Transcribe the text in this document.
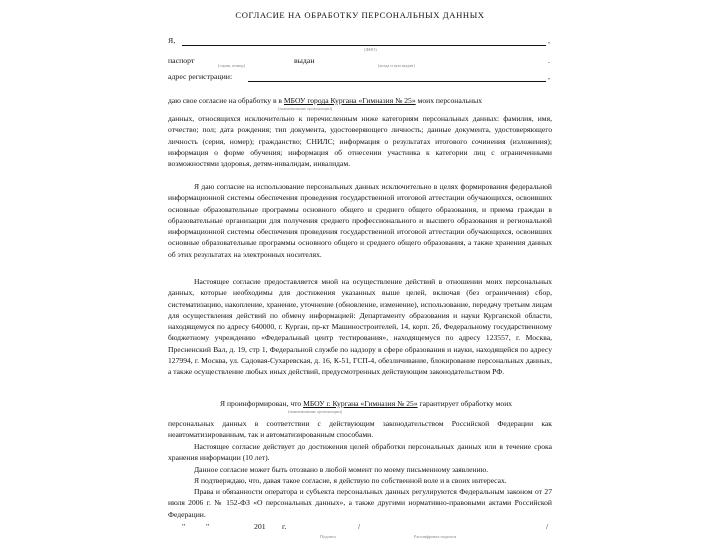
СОГЛАСИЕ НА ОБРАБОТКУ ПЕРСОНАЛЬНЫХ ДАННЫХ
Я,	,
(ФИО)
паспорт	выдан	.
(серия, номер)	(когда и кем выдан)
адрес регистрации:	,
даю свое согласие на обработку в в МБОУ города Кургана «Гимназия № 25» моих персональных
(наименование организации)
данных, относящихся исключительно к перечисленным ниже категориям персональных данных: фамилия, имя, отчество; пол; дата рождения; тип документа, удостоверяющего личность; данные документа, удостоверяющего личность (серия, номер); гражданство; СНИЛС; информация о результатах итогового сочинения (изложения); информация о форме обучения; информация об отнесении участника к категории лиц с ограниченными возможностями здоровья, детям-инвалидам, инвалидам.
Я даю согласие на использование персональных данных исключительно в целях формирования федеральной информационной системы обеспечения проведения государственной итоговой аттестации обучающихся, освоивших основные образовательные программы основного общего и среднего общего образования, и приема граждан в образовательные организации для получения среднего профессионального и высшего образования и региональной информационной системы обеспечения проведения государственной итоговой аттестации обучающихся, освоивших основные образовательные программы основного общего и среднего общего образования, а также хранения данных об этих результатах на электронных носителях.
Настоящее согласие предоставляется мной на осуществление действий в отношении моих персональных данных, которые необходимы для достижения указанных выше целей, включая (без ограничения) сбор, систематизацию, накопление, хранение, уточнение (обновление, изменение), использование, передачу третьим лицам для осуществления действий по обмену информацией: Департаменту образования и науки Курганской области, находящемуся по адресу 640000, г. Курган, пр-кт Машиностроителей, 14, корп. 2б, Федеральному государственному бюджетному учреждению «Федеральный центр тестирования», находящемуся по адресу 123557, г. Москва, Пресненский Вал, д. 19, стр 1, Федеральной службе по надзору в сфере образования и науки, находящейся по адресу 127994, г. Москва, ул. Садовая-Сухаревская, д. 16, К-51, ГСП-4, обезличивание, блокирование персональных данных, а также осуществление любых иных действий, предусмотренных действующим законодательством РФ.
Я проинформирован, что МБОУ г. Кургана «Гимназия № 25» гарантирует обработку моих
(наименование организации)
персональных данных в соответствии с действующим законодательством Российской Федерации как неавтоматизированным, так и автоматизированным способами.
Настоящее согласие действует до достижения целей обработки персональных данных или в течение срока хранения информации (10 лет).
Данное согласие может быть отозвано в любой момент по моему письменному заявлению.
Я подтверждаю, что, давая такое согласие, я действую по собственной воле и в своих интересах.
Права и обязанности оператора и субъекта персональных данных регулируются Федеральным законом от 27 июля 2006 г. № 152-ФЗ «О персональных данных», а также другими нормативно-правовыми актами Российской Федерации.
"	"	201 г.	/	/
Подпись	Расшифровка подписи
